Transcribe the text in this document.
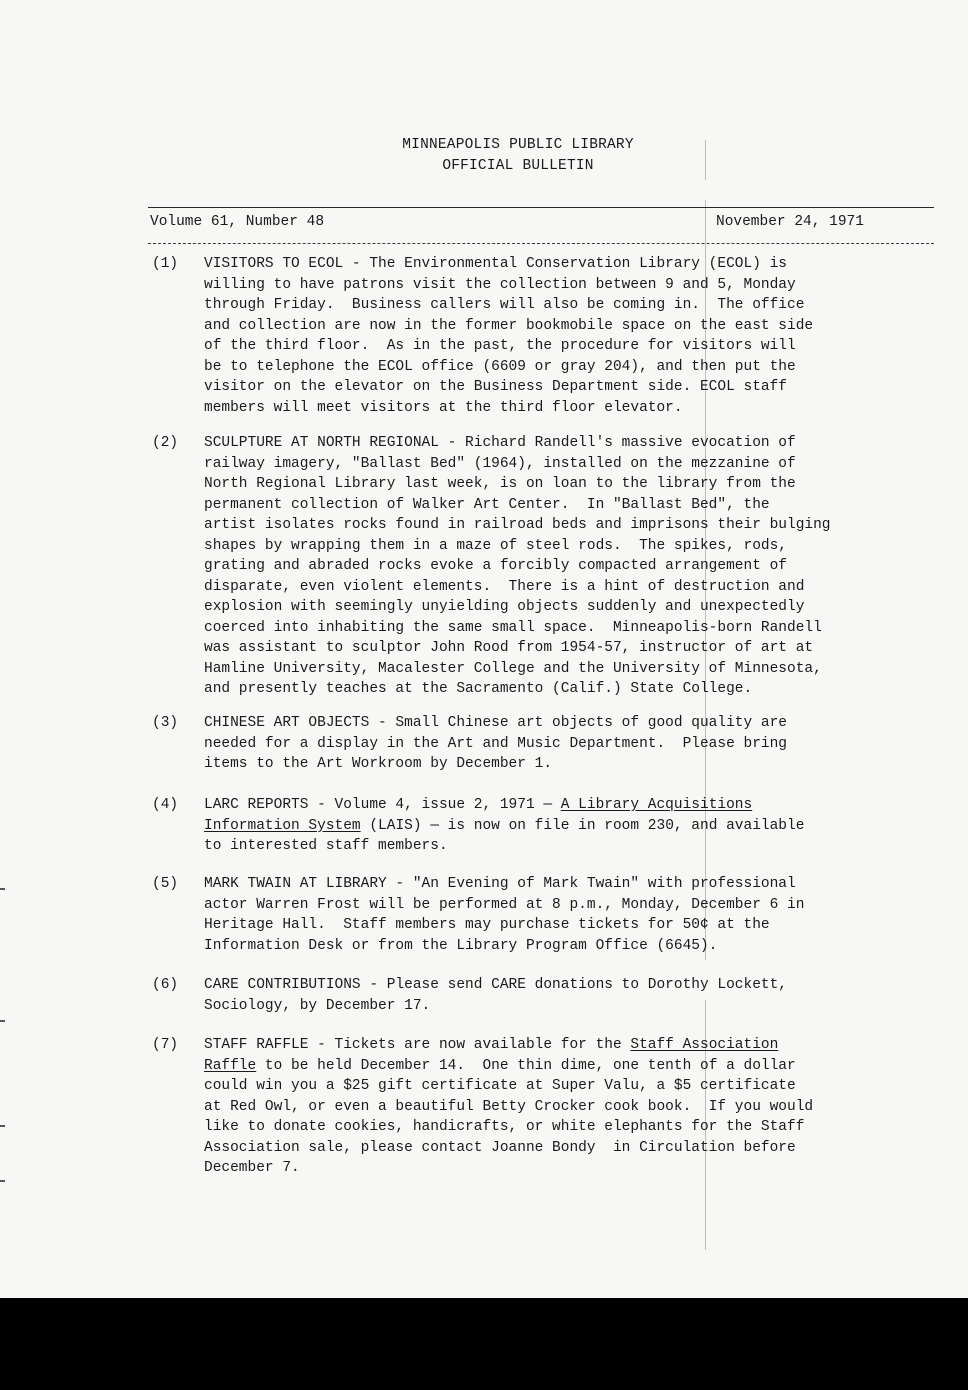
MINNEAPOLIS PUBLIC LIBRARY
OFFICIAL BULLETIN
Volume 61, Number 48	November 24, 1971
(1)	VISITORS TO ECOL - The Environmental Conservation Library (ECOL) is
willing to have patrons visit the collection between 9 and 5, Monday
through Friday.  Business callers will also be coming in.  The office
and collection are now in the former bookmobile space on the east side
of the third floor.  As in the past, the procedure for visitors will
be to telephone the ECOL office (6609 or gray 204), and then put the
visitor on the elevator on the Business Department side. ECOL staff
members will meet visitors at the third floor elevator.
(2)	SCULPTURE AT NORTH REGIONAL - Richard Randell's massive evocation of
railway imagery, "Ballast Bed" (1964), installed on the mezzanine of
North Regional Library last week, is on loan to the library from the
permanent collection of Walker Art Center.  In "Ballast Bed", the
artist isolates rocks found in railroad beds and imprisons their bulging
shapes by wrapping them in a maze of steel rods.  The spikes, rods,
grating and abraded rocks evoke a forcibly compacted arrangement of
disparate, even violent elements.  There is a hint of destruction and
explosion with seemingly unyielding objects suddenly and unexpectedly
coerced into inhabiting the same small space.  Minneapolis-born Randell
was assistant to sculptor John Rood from 1954-57, instructor of art at
Hamline University, Macalester College and the University of Minnesota,
and presently teaches at the Sacramento (Calif.) State College.
(3)	CHINESE ART OBJECTS - Small Chinese art objects of good quality are
needed for a display in the Art and Music Department.  Please bring
items to the Art Workroom by December 1.
(4)	LARC REPORTS - Volume 4, issue 2, 1971 — A Library Acquisitions
Information System (LAIS) — is now on file in room 230, and available
to interested staff members.
(5)	MARK TWAIN AT LIBRARY - "An Evening of Mark Twain" with professional
actor Warren Frost will be performed at 8 p.m., Monday, December 6 in
Heritage Hall.  Staff members may purchase tickets for 50¢ at the
Information Desk or from the Library Program Office (6645).
(6)	CARE CONTRIBUTIONS - Please send CARE donations to Dorothy Lockett,
Sociology, by December 17.
(7)	STAFF RAFFLE - Tickets are now available for the Staff Association
Raffle to be held December 14.  One thin dime, one tenth of a dollar
could win you a $25 gift certificate at Super Valu, a $5 certificate
at Red Owl, or even a beautiful Betty Crocker cook book.  If you would
like to donate cookies, handicrafts, or white elephants for the Staff
Association sale, please contact Joanne Bondy  in Circulation before
December 7.
